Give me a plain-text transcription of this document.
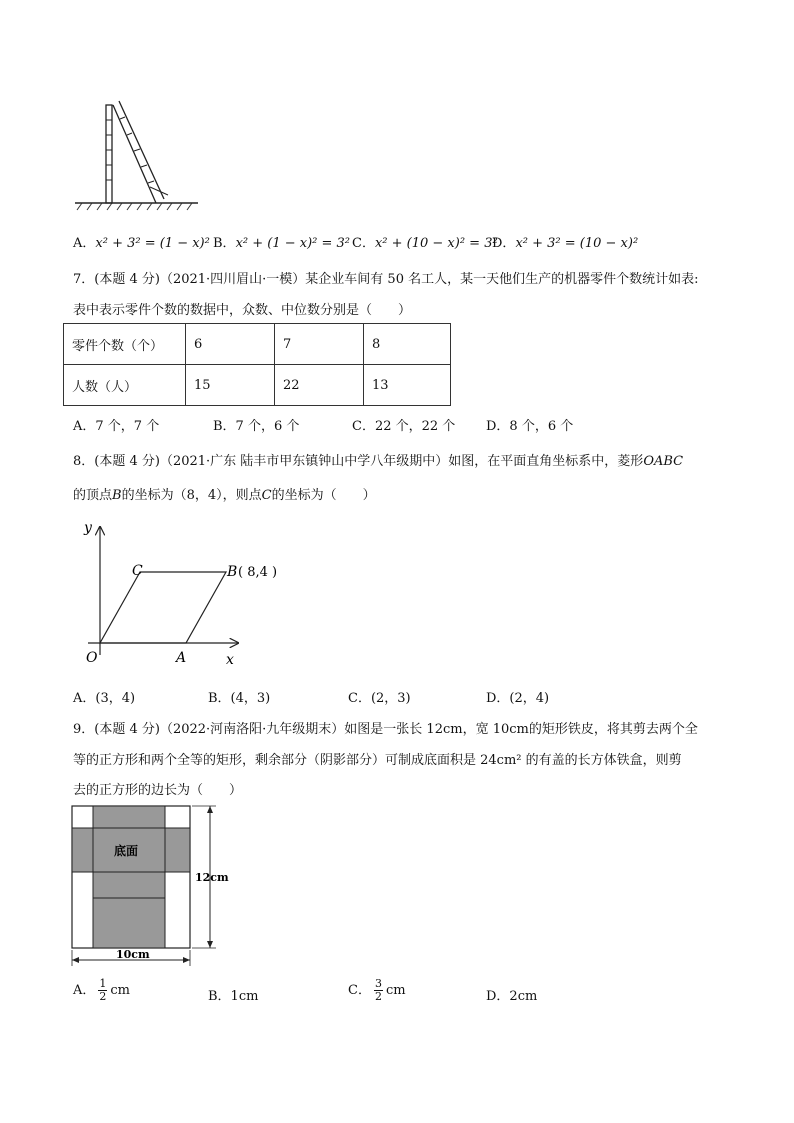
A．x² + 3² = (1 − x)² B．x² + (1 − x)² = 3² C．x² + (10 − x)² = 3²
D．x² + 3² = (10 − x)²
7．(本题 4 分)（2021·四川眉山·一模）某企业车间有 50 名工人，某一天他们生产的机器零件个数统计如表:
表中表示零件个数的数据中，众数、中位数分别是（　　）
零件个数（个）	6	7	8
人数（人）	15	22	13
A．7 个，7 个	B．7 个，6 个	C．22 个，22 个 D．8 个，6 个
8．(本题 4 分)（2021·广东 陆丰市甲东镇钟山中学八年级期中）如图，在平面直角坐标系中，菱形OABC
的顶点B的坐标为（8，4），则点C的坐标为（　　）
y
x
O	A
C	B ( 8,4 )
A．(3，4)	B．(4，3)	C．(2，3)	D．(2，4)
9．(本题 4 分)（2022·河南洛阳·九年级期末）如图是一张长 12cm，宽 10cm的矩形铁皮，将其剪去两个全
等的正方形和两个全等的矩形，剩余部分（阴影部分）可制成底面积是 24cm² 的有盖的长方体铁盒，则剪
去的正方形的边长为（　　）
底面
12cm
10cm
A． $\frac{1}{2}$ cm	B．1cm	C． $\frac{3}{2}$ cm	D．2cm
